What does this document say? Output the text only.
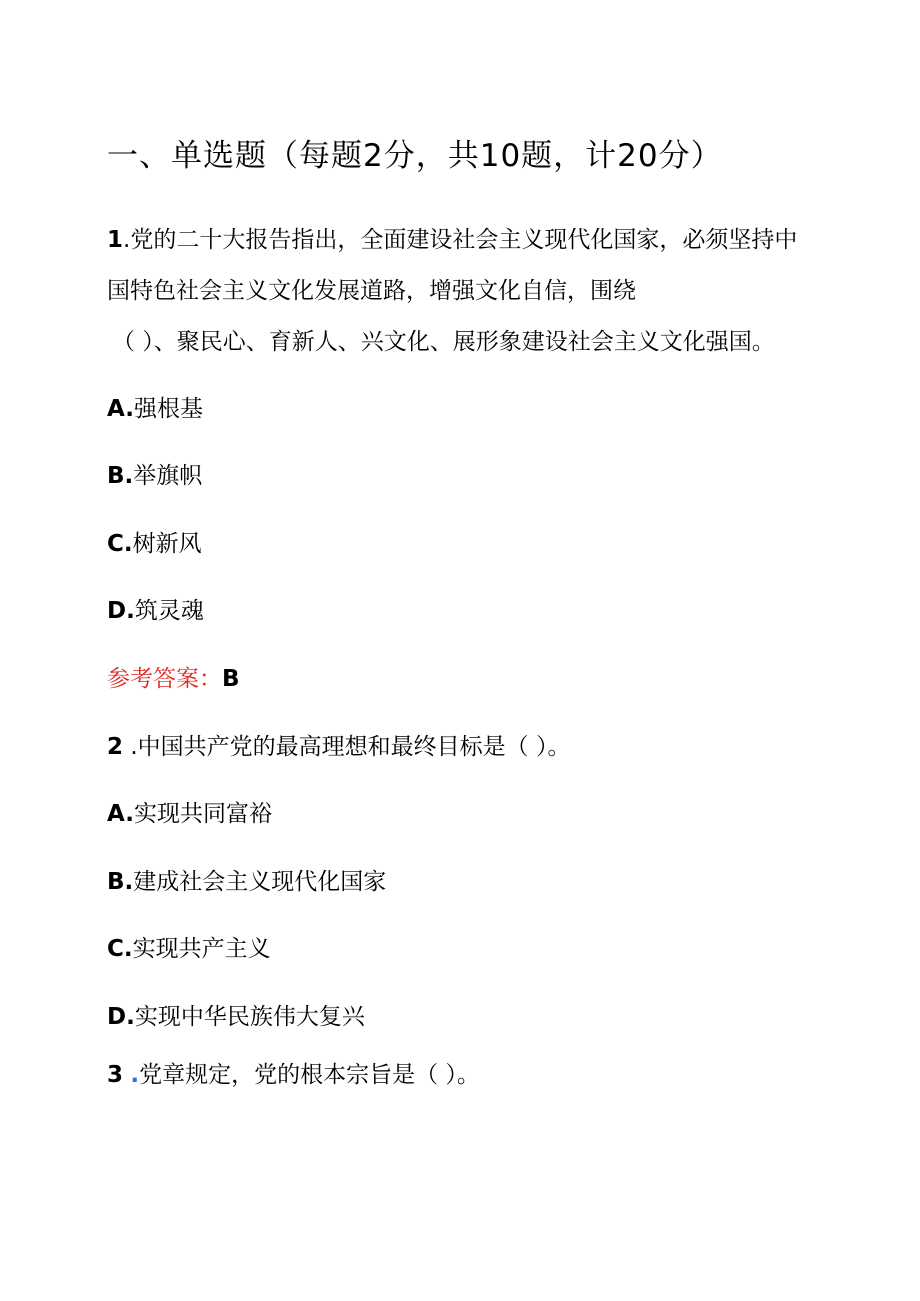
一、单选题（每题2分，共10题，计20分）
1.党的二十大报告指出，全面建设社会主义现代化国家，必须坚持中
国特色社会主义文化发展道路，增强文化自信，围绕
（ ）、聚民心、育新人、兴文化、展形象建设社会主义文化强国。
A.强根基
B.举旗帜
C.树新风
D.筑灵魂
参考答案：B
2 .中国共产党的最高理想和最终目标是（ ）。
A.实现共同富裕
B.建成社会主义现代化国家
C.实现共产主义
D.实现中华民族伟大复兴
3 .党章规定，党的根本宗旨是（ ）。
